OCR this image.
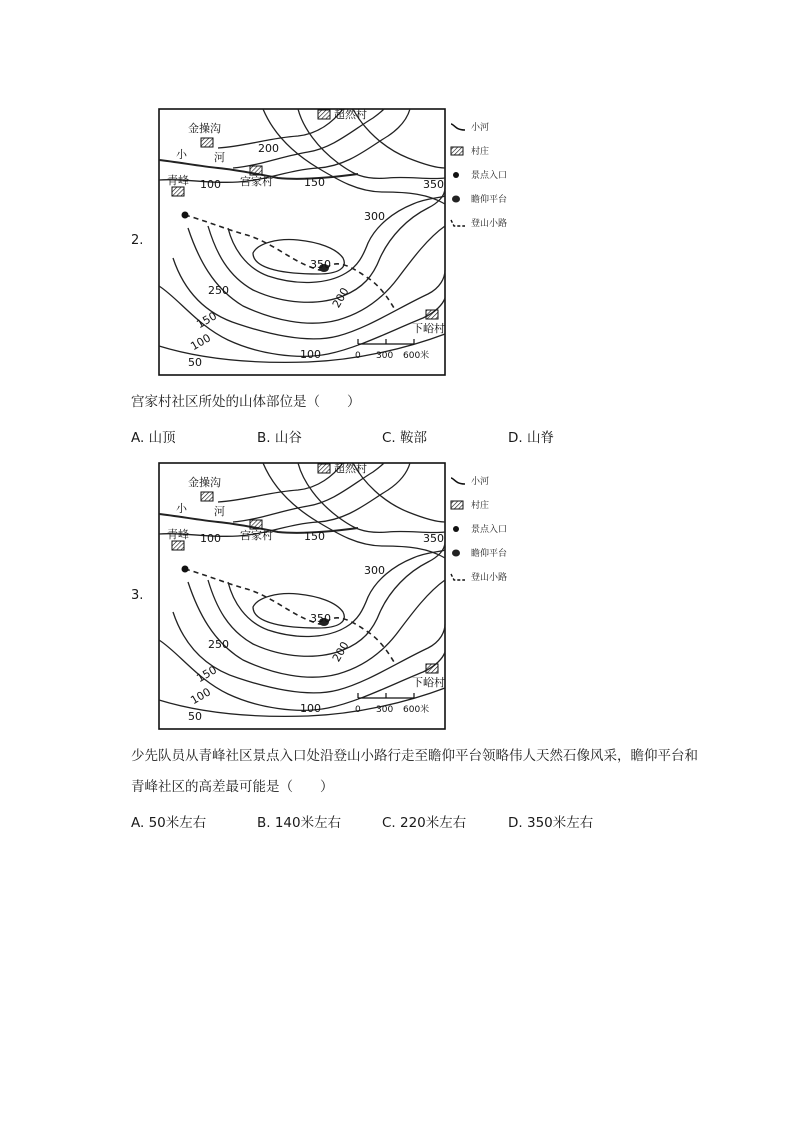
2.
超然村
金操沟
小 河
宫家村
青峰
下峪村
200
150
100	350
300
350
250	200
150
100
50
100	0 300 600米
小河
村庄
景点入口
瞻仰平台
登山小路
宫家村社区所处的山体部位是（　　）
A. 山顶	B. 山谷	C. 鞍部	D. 山脊
3.
超然村
金操沟
小 河
宫家村
青峰
下峪村
150
100	350
300
350
250	200
150
100
50
100	0 300 600米
小河
村庄
景点入口
瞻仰平台
登山小路
少先队员从青峰社区景点入口处沿登山小路行走至瞻仰平台领略伟人天然石像风采，瞻仰平台和青峰社区的高差最可能是（　　）
A. 50米左右	B. 140米左右	C. 220米左右	D. 350米左右
